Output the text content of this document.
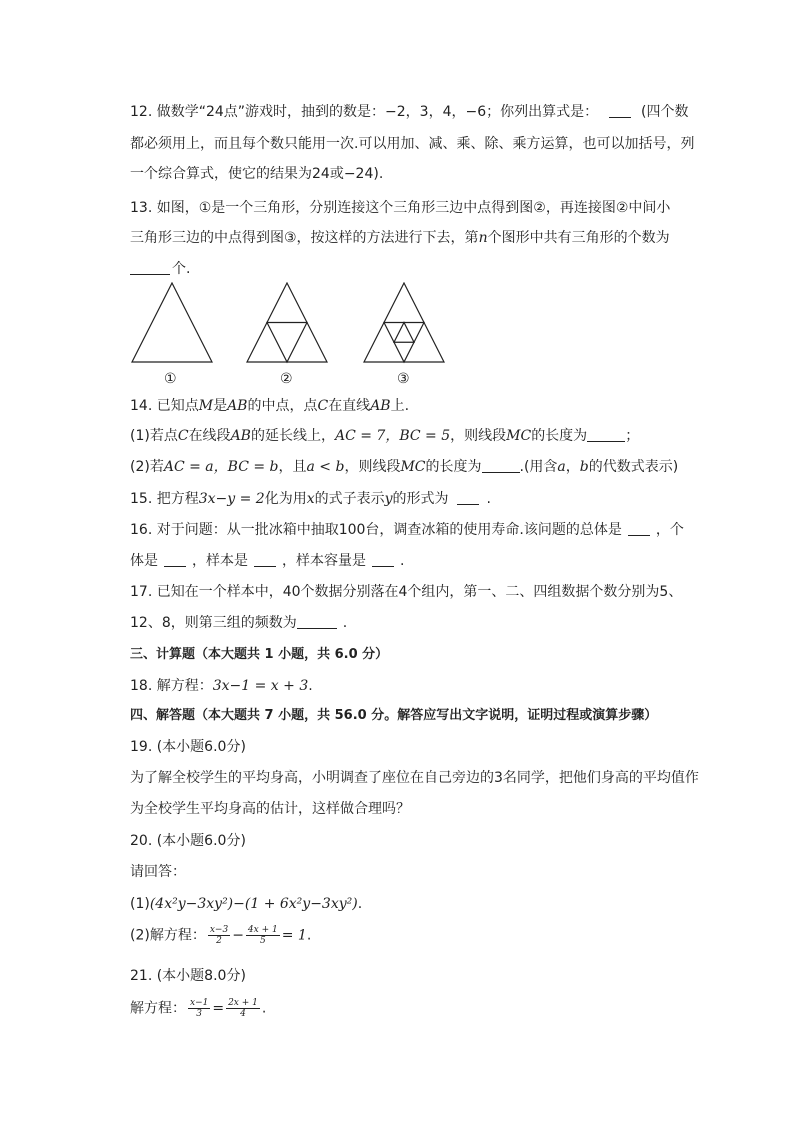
12. 做数学“24点”游戏时，抽到的数是：−2，3，4，−6；你列出算式是：	(四个数
都必须用上，而且每个数只能用一次.可以用加、减、乘、除、乘方运算，也可以加括号，列
一个综合算式，使它的结果为24或−24).
13. 如图，①是一个三角形，分别连接这个三角形三边中点得到图②，再连接图②中间小
三角形三边的中点得到图③，按这样的方法进行下去，第n个图形中共有三角形的个数为
个.
①	②	③
14. 已知点M是AB的中点，点C在直线AB上.
(1)若点C在线段AB的延长线上，AC = 7，BC = 5，则线段MC的长度为	；
(2)若AC = a，BC = b，且a < b，则线段MC的长度为	.(用含a，b的代数式表示)
15. 把方程3x−y = 2化为用x的式子表示y的形式为	.
16. 对于问题：从一批冰箱中抽取100台，调查冰箱的使用寿命.该问题的总体是 ，个
体是 ，样本是 ，样本容量是 .
17. 已知在一个样本中，40个数据分别落在4个组内，第一、二、四组数据个数分别为5、
12、8，则第三组的频数为	.
三、计算题（本大题共 1 小题，共 6.0 分）
18. 解方程：3x−1 = x + 3.
四、解答题（本大题共 7 小题，共 56.0 分。解答应写出文字说明，证明过程或演算步骤）
19. (本小题6.0分)
为了解全校学生的平均身高，小明调查了座位在自己旁边的3名同学，把他们身高的平均值作
为全校学生平均身高的估计，这样做合理吗？
20. (本小题6.0分)
请回答：
(1)(4x²y−3xy²)−(1 + 6x²y−3xy²).
(2)解方程： $\frac{x-3}{2} - \frac{4x + 1}{5} = 1$.
21. (本小题8.0分)
解方程： $\frac{x-1}{3} = \frac{2x + 1}{4}$ .
